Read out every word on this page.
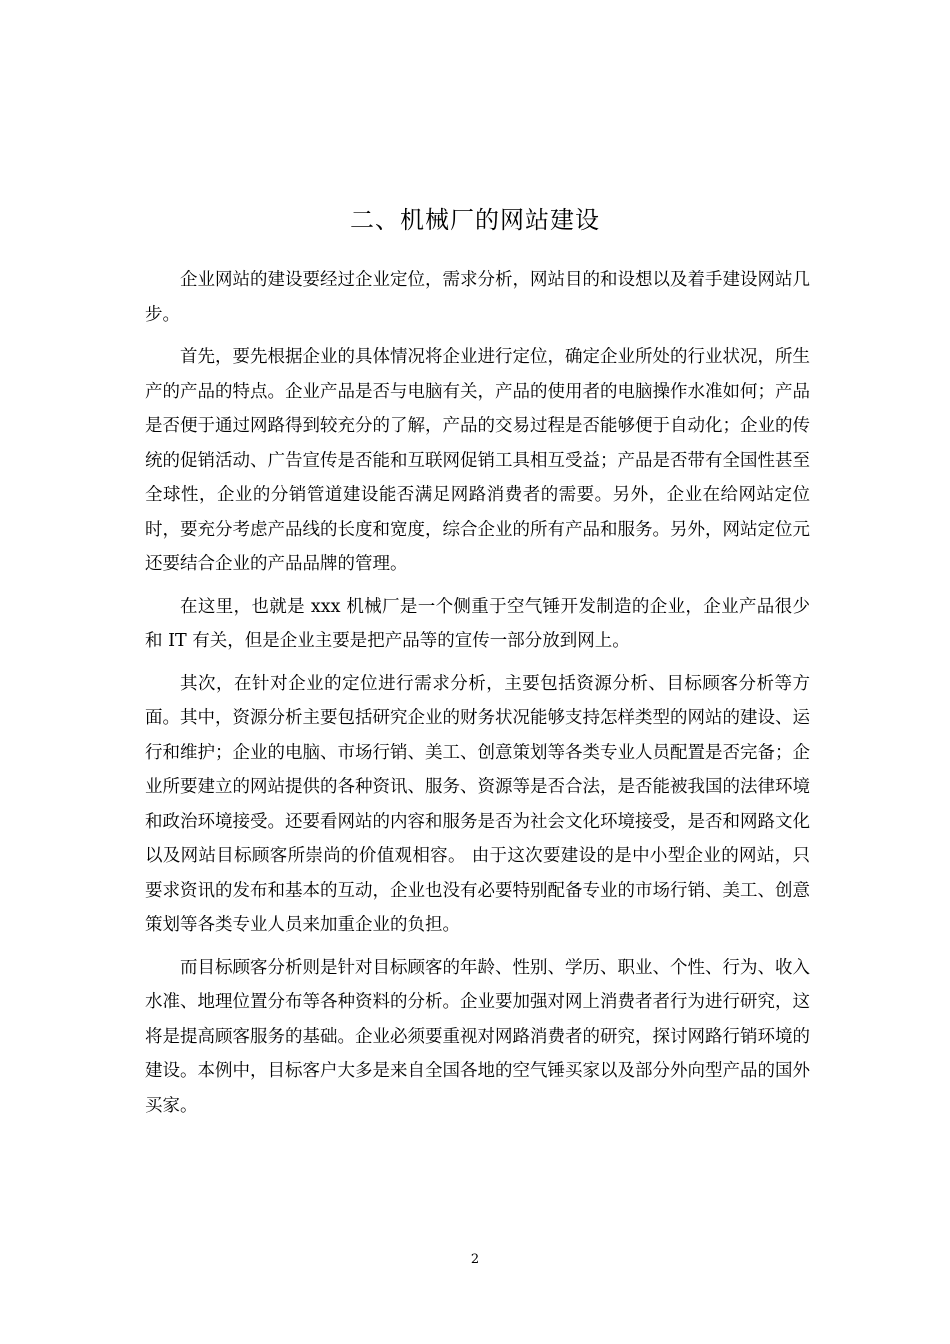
二、机械厂的网站建设

企业网站的建设要经过企业定位，需求分析，网站目的和设想以及着手建设网站几步。

首先，要先根据企业的具体情况将企业进行定位，确定企业所处的行业状况，所生产的产品的特点。企业产品是否与电脑有关，产品的使用者的电脑操作水准如何；产品是否便于通过网路得到较充分的了解，产品的交易过程是否能够便于自动化；企业的传统的促销活动、广告宣传是否能和互联网促销工具相互受益；产品是否带有全国性甚至全球性，企业的分销管道建设能否满足网路消费者的需要。另外，企业在给网站定位时，要充分考虑产品线的长度和宽度，综合企业的所有产品和服务。另外，网站定位元还要结合企业的产品品牌的管理。

在这里，也就是 xxx 机械厂是一个侧重于空气锤开发制造的企业，企业产品很少和 IT 有关，但是企业主要是把产品等的宣传一部分放到网上。

其次，在针对企业的定位进行需求分析，主要包括资源分析、目标顾客分析等方面。其中，资源分析主要包括研究企业的财务状况能够支持怎样类型的网站的建设、运行和维护；企业的电脑、市场行销、美工、创意策划等各类专业人员配置是否完备；企业所要建立的网站提供的各种资讯、服务、资源等是否合法，是否能被我国的法律环境和政治环境接受。还要看网站的内容和服务是否为社会文化环境接受，是否和网路文化以及网站目标顾客所崇尚的价值观相容。 由于这次要建设的是中小型企业的网站，只要求资讯的发布和基本的互动，企业也没有必要特别配备专业的市场行销、美工、创意策划等各类专业人员来加重企业的负担。

而目标顾客分析则是针对目标顾客的年龄、性别、学历、职业、个性、行为、收入水准、地理位置分布等各种资料的分析。企业要加强对网上消费者者行为进行研究，这将是提高顾客服务的基础。企业必须要重视对网路消费者的研究，探讨网路行销环境的建设。本例中，目标客户大多是来自全国各地的空气锤买家以及部分外向型产品的国外买家。

2
